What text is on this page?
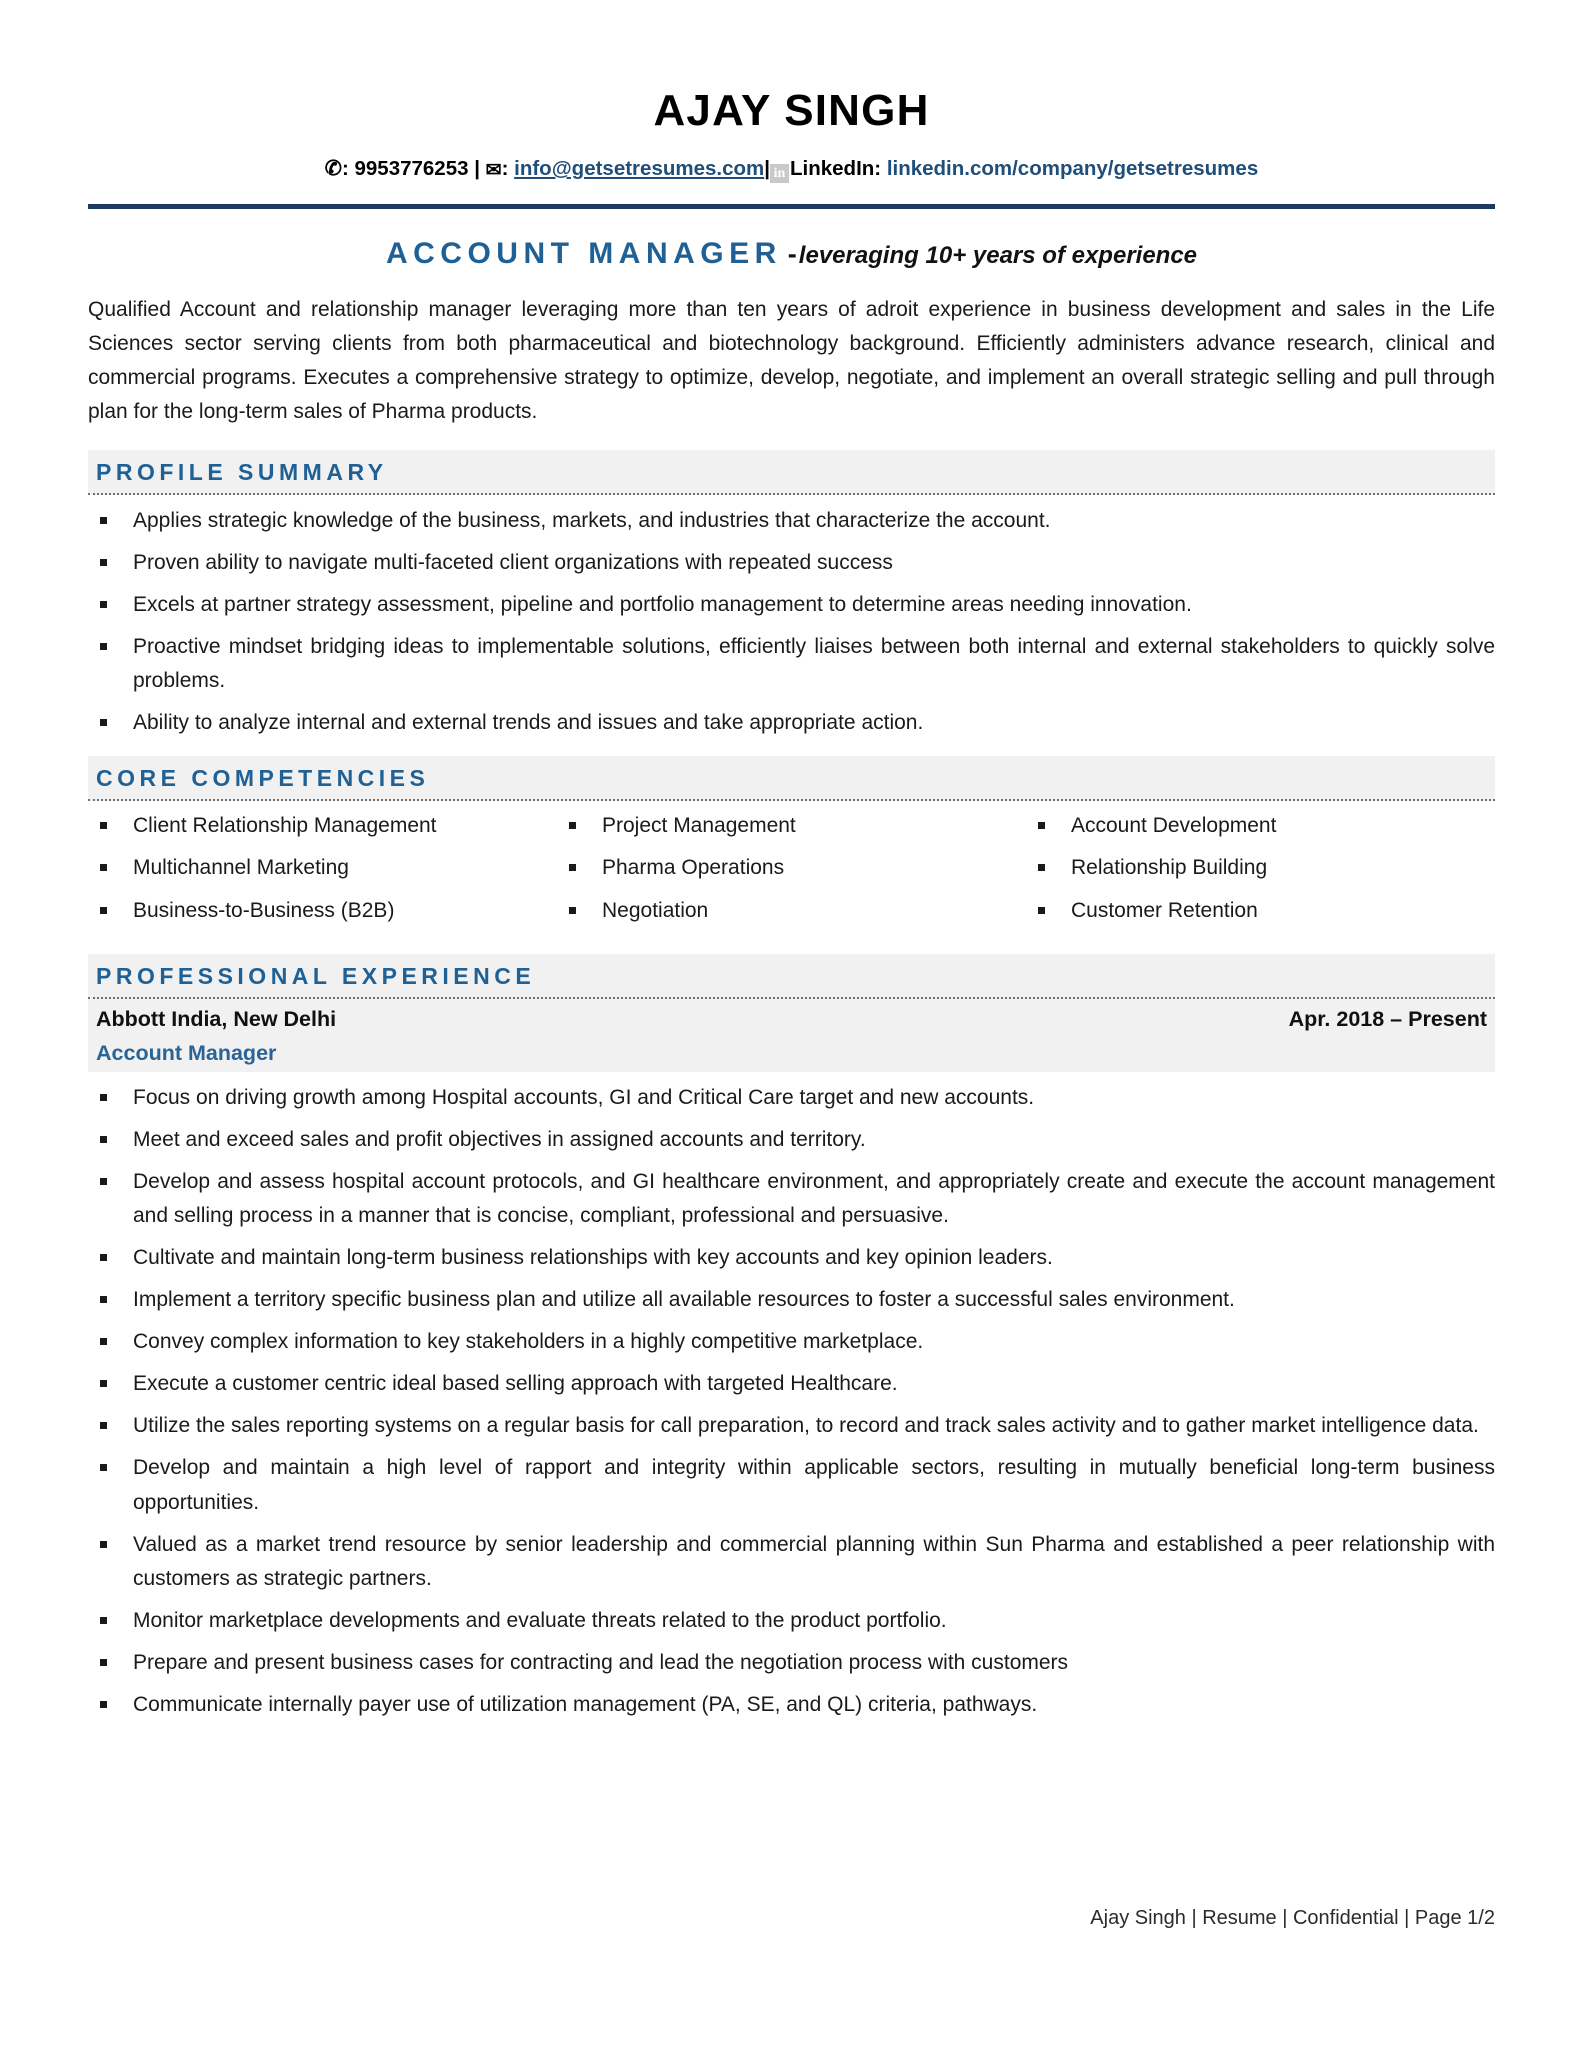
AJAY SINGH
✆: 9953776253 | ✉: info@getsetresumes.com| in LinkedIn: linkedin.com/company/getsetresumes
ACCOUNT MANAGER -leveraging 10+ years of experience

Qualified Account and relationship manager leveraging more than ten years of adroit experience in business development and sales in the Life Sciences sector serving clients from both pharmaceutical and biotechnology background. Efficiently administers advance research, clinical and commercial programs. Executes a comprehensive strategy to optimize, develop, negotiate, and implement an overall strategic selling and pull through plan for the long-term sales of Pharma products.

PROFILE SUMMARY
Applies strategic knowledge of the business, markets, and industries that characterize the account.
Proven ability to navigate multi-faceted client organizations with repeated success
Excels at partner strategy assessment, pipeline and portfolio management to determine areas needing innovation.
Proactive mindset bridging ideas to implementable solutions, efficiently liaises between both internal and external stakeholders to quickly solve problems.
Ability to analyze internal and external trends and issues and take appropriate action.
CORE COMPETENCIES
Client Relationship Management
Multichannel Marketing
Business-to-Business (B2B)
Project Management
Pharma Operations
Negotiation
Account Development
Relationship Building
Customer Retention
PROFESSIONAL EXPERIENCE
Abbott India, New Delhi	Apr. 2018 – Present
Account Manager
Focus on driving growth among Hospital accounts, GI and Critical Care target and new accounts.
Meet and exceed sales and profit objectives in assigned accounts and territory.
Develop and assess hospital account protocols, and GI healthcare environment, and appropriately create and execute the account management and selling process in a manner that is concise, compliant, professional and persuasive.
Cultivate and maintain long-term business relationships with key accounts and key opinion leaders.
Implement a territory specific business plan and utilize all available resources to foster a successful sales environment.
Convey complex information to key stakeholders in a highly competitive marketplace.
Execute a customer centric ideal based selling approach with targeted Healthcare.
Utilize the sales reporting systems on a regular basis for call preparation, to record and track sales activity and to gather market intelligence data.
Develop and maintain a high level of rapport and integrity within applicable sectors, resulting in mutually beneficial long-term business opportunities.
Valued as a market trend resource by senior leadership and commercial planning within Sun Pharma and established a peer relationship with customers as strategic partners.
Monitor marketplace developments and evaluate threats related to the product portfolio.
Prepare and present business cases for contracting and lead the negotiation process with customers
Communicate internally payer use of utilization management (PA, SE, and QL) criteria, pathways.
Ajay Singh | Resume | Confidential | Page 1/2
